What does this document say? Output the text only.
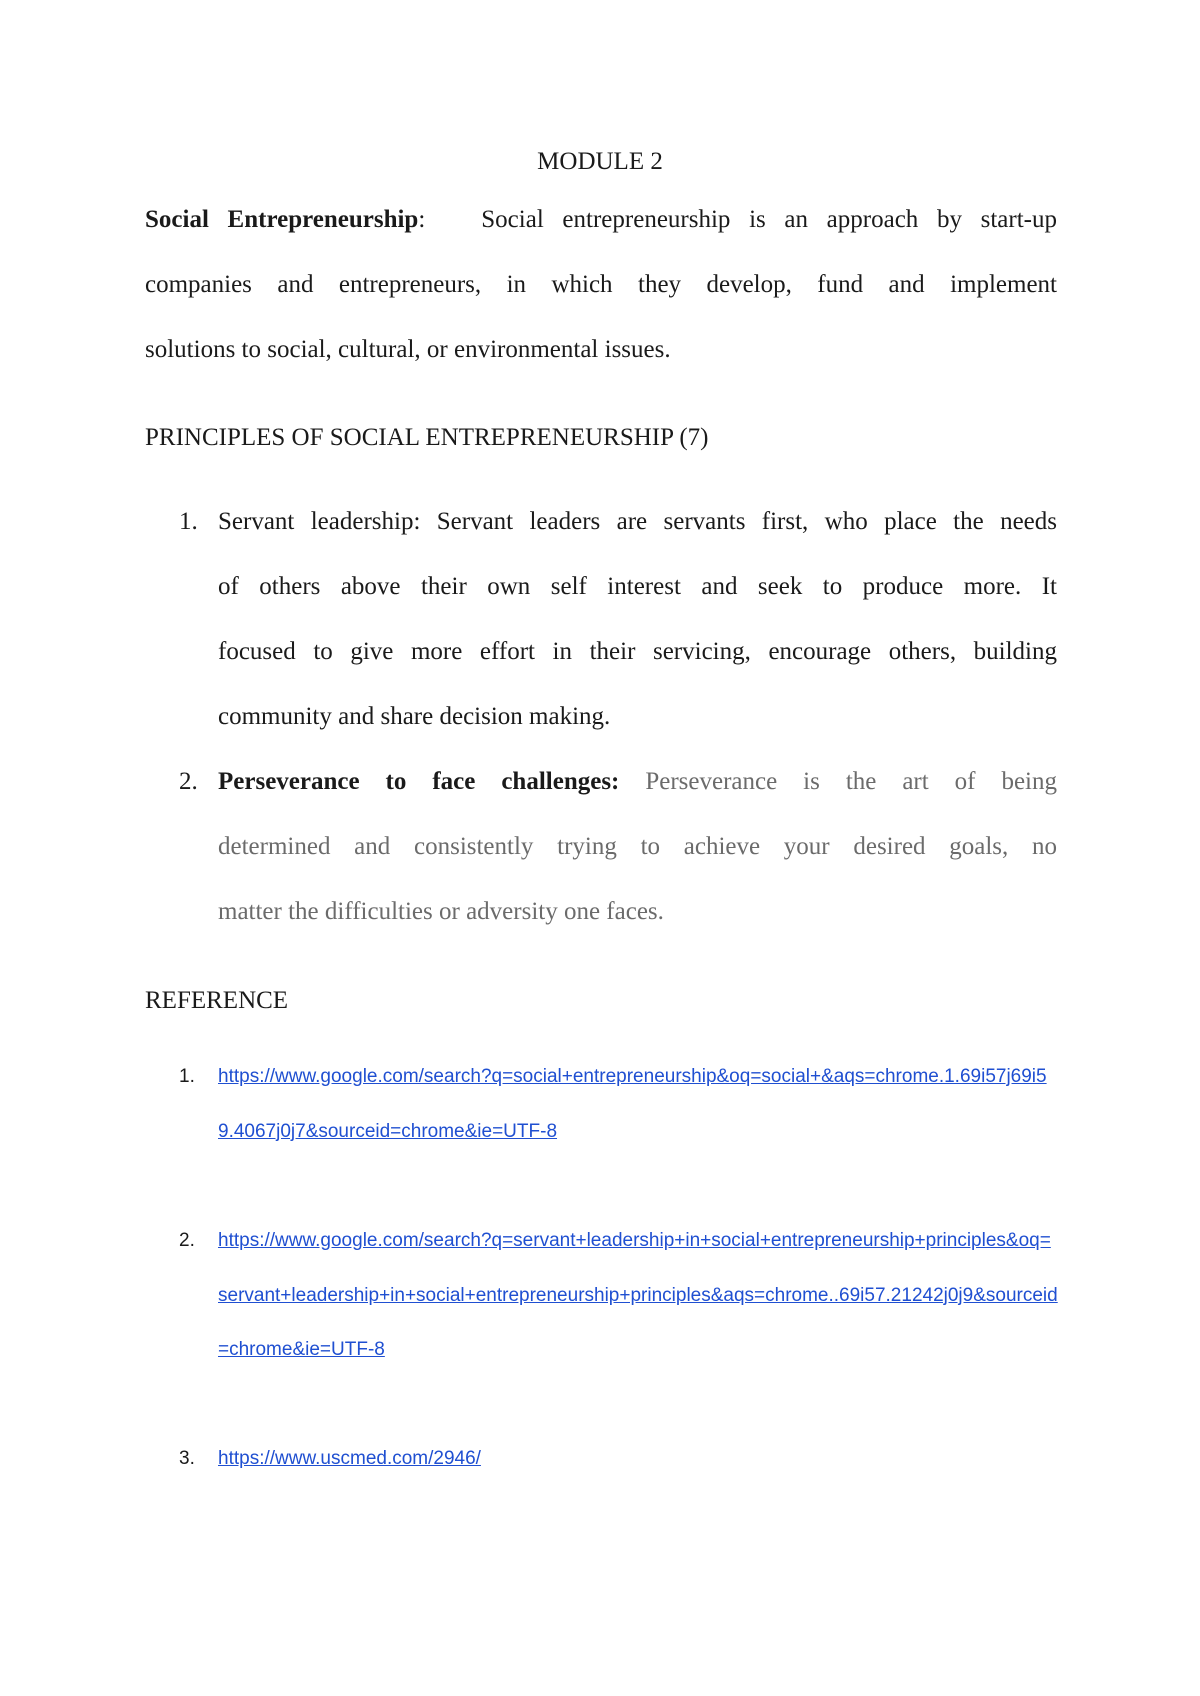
MODULE 2
Social Entrepreneurship: Social entrepreneurship is an approach by start-up
companies and entrepreneurs, in which they develop, fund and implement
solutions to social, cultural, or environmental issues.
PRINCIPLES OF SOCIAL ENTREPRENEURSHIP (7)
1. Servant leadership: Servant leaders are servants first, who place the needs
of others above their own self interest and seek to produce more. It
focused to give more effort in their servicing, encourage others, building
community and share decision making.
2. Perseverance to face challenges: Perseverance is the art of being
determined and consistently trying to achieve your desired goals, no
matter the difficulties or adversity one faces.
REFERENCE
1. https://www.google.com/search?q=social+entrepreneurship&oq=social+&aqs=chrome.1.69i57j69i59.4067j0j7&sourceid=chrome&ie=UTF-8
2. https://www.google.com/search?q=servant+leadership+in+social+entrepreneurship+principles&oq=servant+leadership+in+social+entrepreneurship+principles&aqs=chrome..69i57.21242j0j9&sourceid=chrome&ie=UTF-8
3. https://www.uscmed.com/2946/
